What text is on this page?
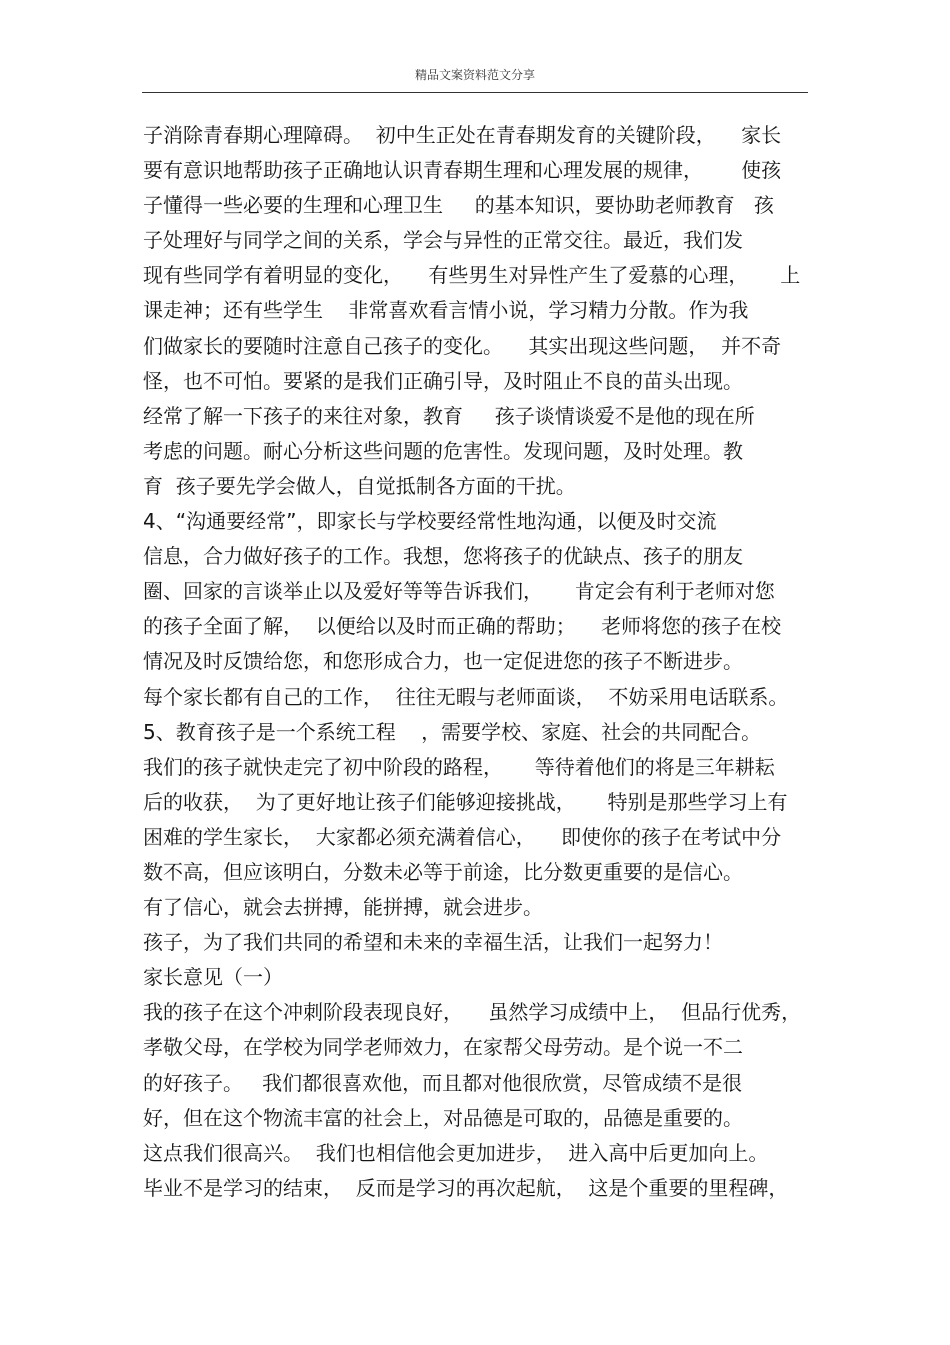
精品文案资料范文分享
子消除青春期心理障碍。  初中生正处在青春期发育的关键阶段，    家长
要有意识地帮助孩子正确地认识青春期生理和心理发展的规律，      使孩
子懂得一些必要的生理和心理卫生     的基本知识，要协助老师教育   孩
子处理好与同学之间的关系，学会与异性的正常交往。最近，我们发
现有些同学有着明显的变化，    有些男生对异性产生了爱慕的心理，     上
课走神；还有些学生    非常喜欢看言情小说，学习精力分散。作为我
们做家长的要随时注意自己孩子的变化。    其实出现这些问题，  并不奇
怪，也不可怕。要紧的是我们正确引导，及时阻止不良的苗头出现。
经常了解一下孩子的来往对象，教育     孩子谈情谈爱不是他的现在所
考虑的问题。耐心分析这些问题的危害性。发现问题，及时处理。教
育  孩子要先学会做人，自觉抵制各方面的干扰。
4、“沟通要经常”，即家长与学校要经常性地沟通，以便及时交流
信息，合力做好孩子的工作。我想，您将孩子的优缺点、孩子的朋友
圈、回家的言谈举止以及爱好等等告诉我们，     肯定会有利于老师对您
的孩子全面了解，  以便给以及时而正确的帮助；    老师将您的孩子在校
情况及时反馈给您，和您形成合力，也一定促进您的孩子不断进步。
每个家长都有自己的工作，  往往无暇与老师面谈，  不妨采用电话联系。
5、教育孩子是一个系统工程    ，需要学校、家庭、社会的共同配合。
我们的孩子就快走完了初中阶段的路程，     等待着他们的将是三年耕耘
后的收获，  为了更好地让孩子们能够迎接挑战，     特别是那些学习上有
困难的学生家长，  大家都必须充满着信心，    即使你的孩子在考试中分
数不高，但应该明白，分数未必等于前途，比分数更重要的是信心。
有了信心，就会去拼搏，能拼搏，就会进步。
孩子，为了我们共同的希望和未来的幸福生活，让我们一起努力！
家长意见（一）
我的孩子在这个冲刺阶段表现良好，    虽然学习成绩中上，  但品行优秀，
孝敬父母，在学校为同学老师效力，在家帮父母劳动。是个说一不二
的好孩子。   我们都很喜欢他，而且都对他很欣赏，尽管成绩不是很
好，但在这个物流丰富的社会上，对品德是可取的，品德是重要的。
这点我们很高兴。  我们也相信他会更加进步，  进入高中后更加向上。
毕业不是学习的结束，  反而是学习的再次起航，  这是个重要的里程碑，
